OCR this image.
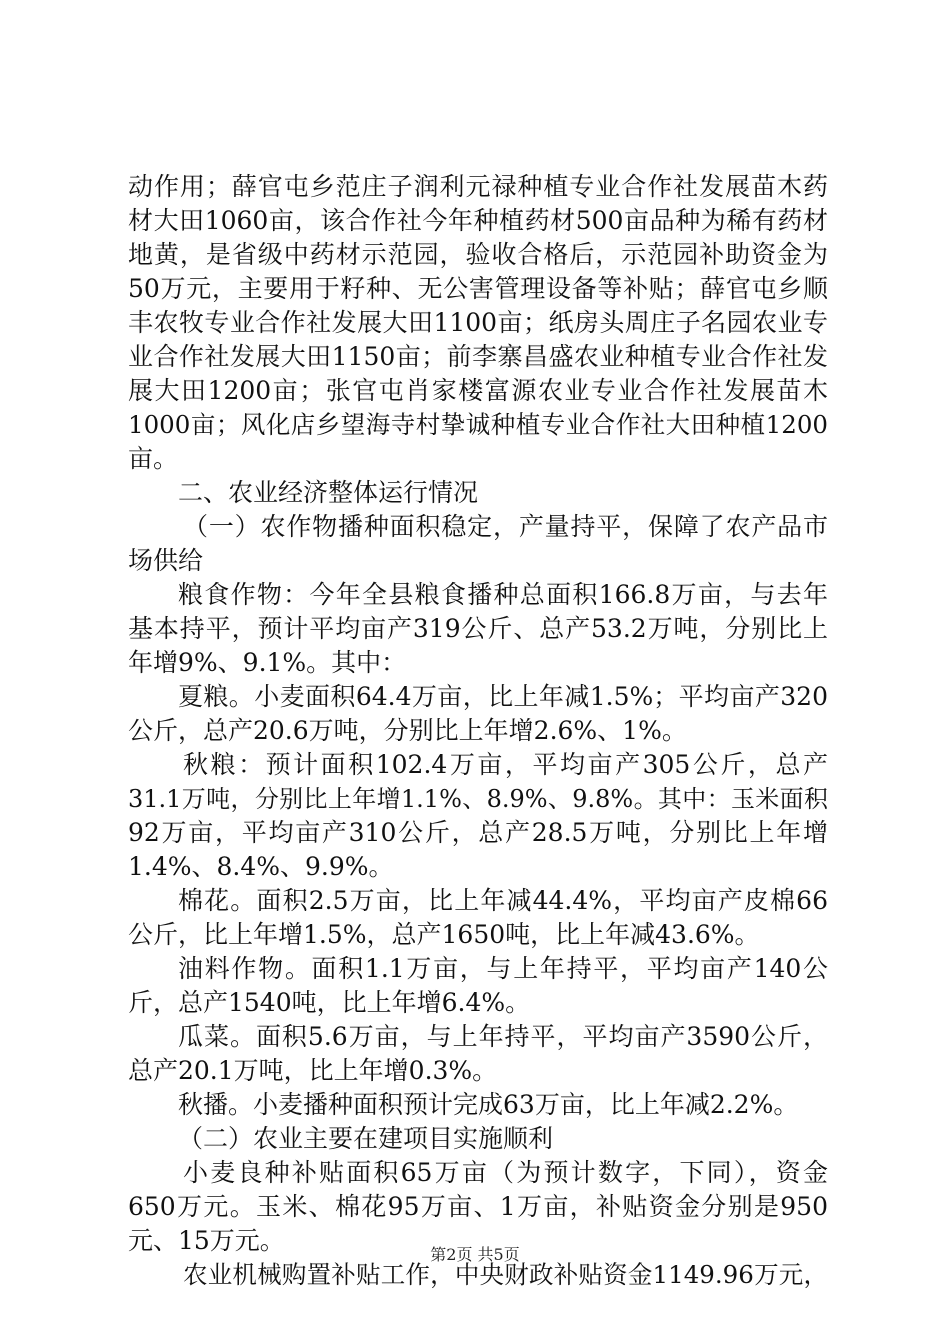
动作用；薛官屯乡范庄子润利元禄种植专业合作社发展苗木药
材大田1060亩，该合作社今年种植药材500亩品种为稀有药材
地黄，是省级中药材示范园，验收合格后，示范园补助资金为
50万元，主要用于籽种、无公害管理设备等补贴；薛官屯乡顺
丰农牧专业合作社发展大田1100亩；纸房头周庄子名园农业专
业合作社发展大田1150亩；前李寨昌盛农业种植专业合作社发
展大田1200亩；张官屯肖家楼富源农业专业合作社发展苗木
1000亩；风化店乡望海寺村挚诚种植专业合作社大田种植1200
亩。
二、农业经济整体运行情况
（一）农作物播种面积稳定，产量持平，保障了农产品市
场供给
粮食作物：今年全县粮食播种总面积166.8万亩，与去年
基本持平，预计平均亩产319公斤、总产53.2万吨，分别比上
年增9%、9.1%。其中：
夏粮。小麦面积64.4万亩，比上年减1.5%；平均亩产320
公斤，总产20.6万吨，分别比上年增2.6%、1%。
秋粮：预计面积102.4万亩，平均亩产305公斤，总产
31.1万吨，分别比上年增1.1%、8.9%、9.8%。其中：玉米面积
92万亩，平均亩产310公斤，总产28.5万吨，分别比上年增
1.4%、8.4%、9.9%。
棉花。面积2.5万亩，比上年减44.4%，平均亩产皮棉66
公斤，比上年增1.5%，总产1650吨，比上年减43.6%。
油料作物。面积1.1万亩，与上年持平，平均亩产140公
斤，总产1540吨，比上年增6.4%。
瓜菜。面积5.6万亩，与上年持平，平均亩产3590公斤，
总产20.1万吨，比上年增0.3%。
秋播。小麦播种面积预计完成63万亩，比上年减2.2%。
（二）农业主要在建项目实施顺利
小麦良种补贴面积65万亩（为预计数字，下同），资金
650万元。玉米、棉花95万亩、1万亩，补贴资金分别是950
元、15万元。
农业机械购置补贴工作，中央财政补贴资金1149.96万元，
第2页 共5页
